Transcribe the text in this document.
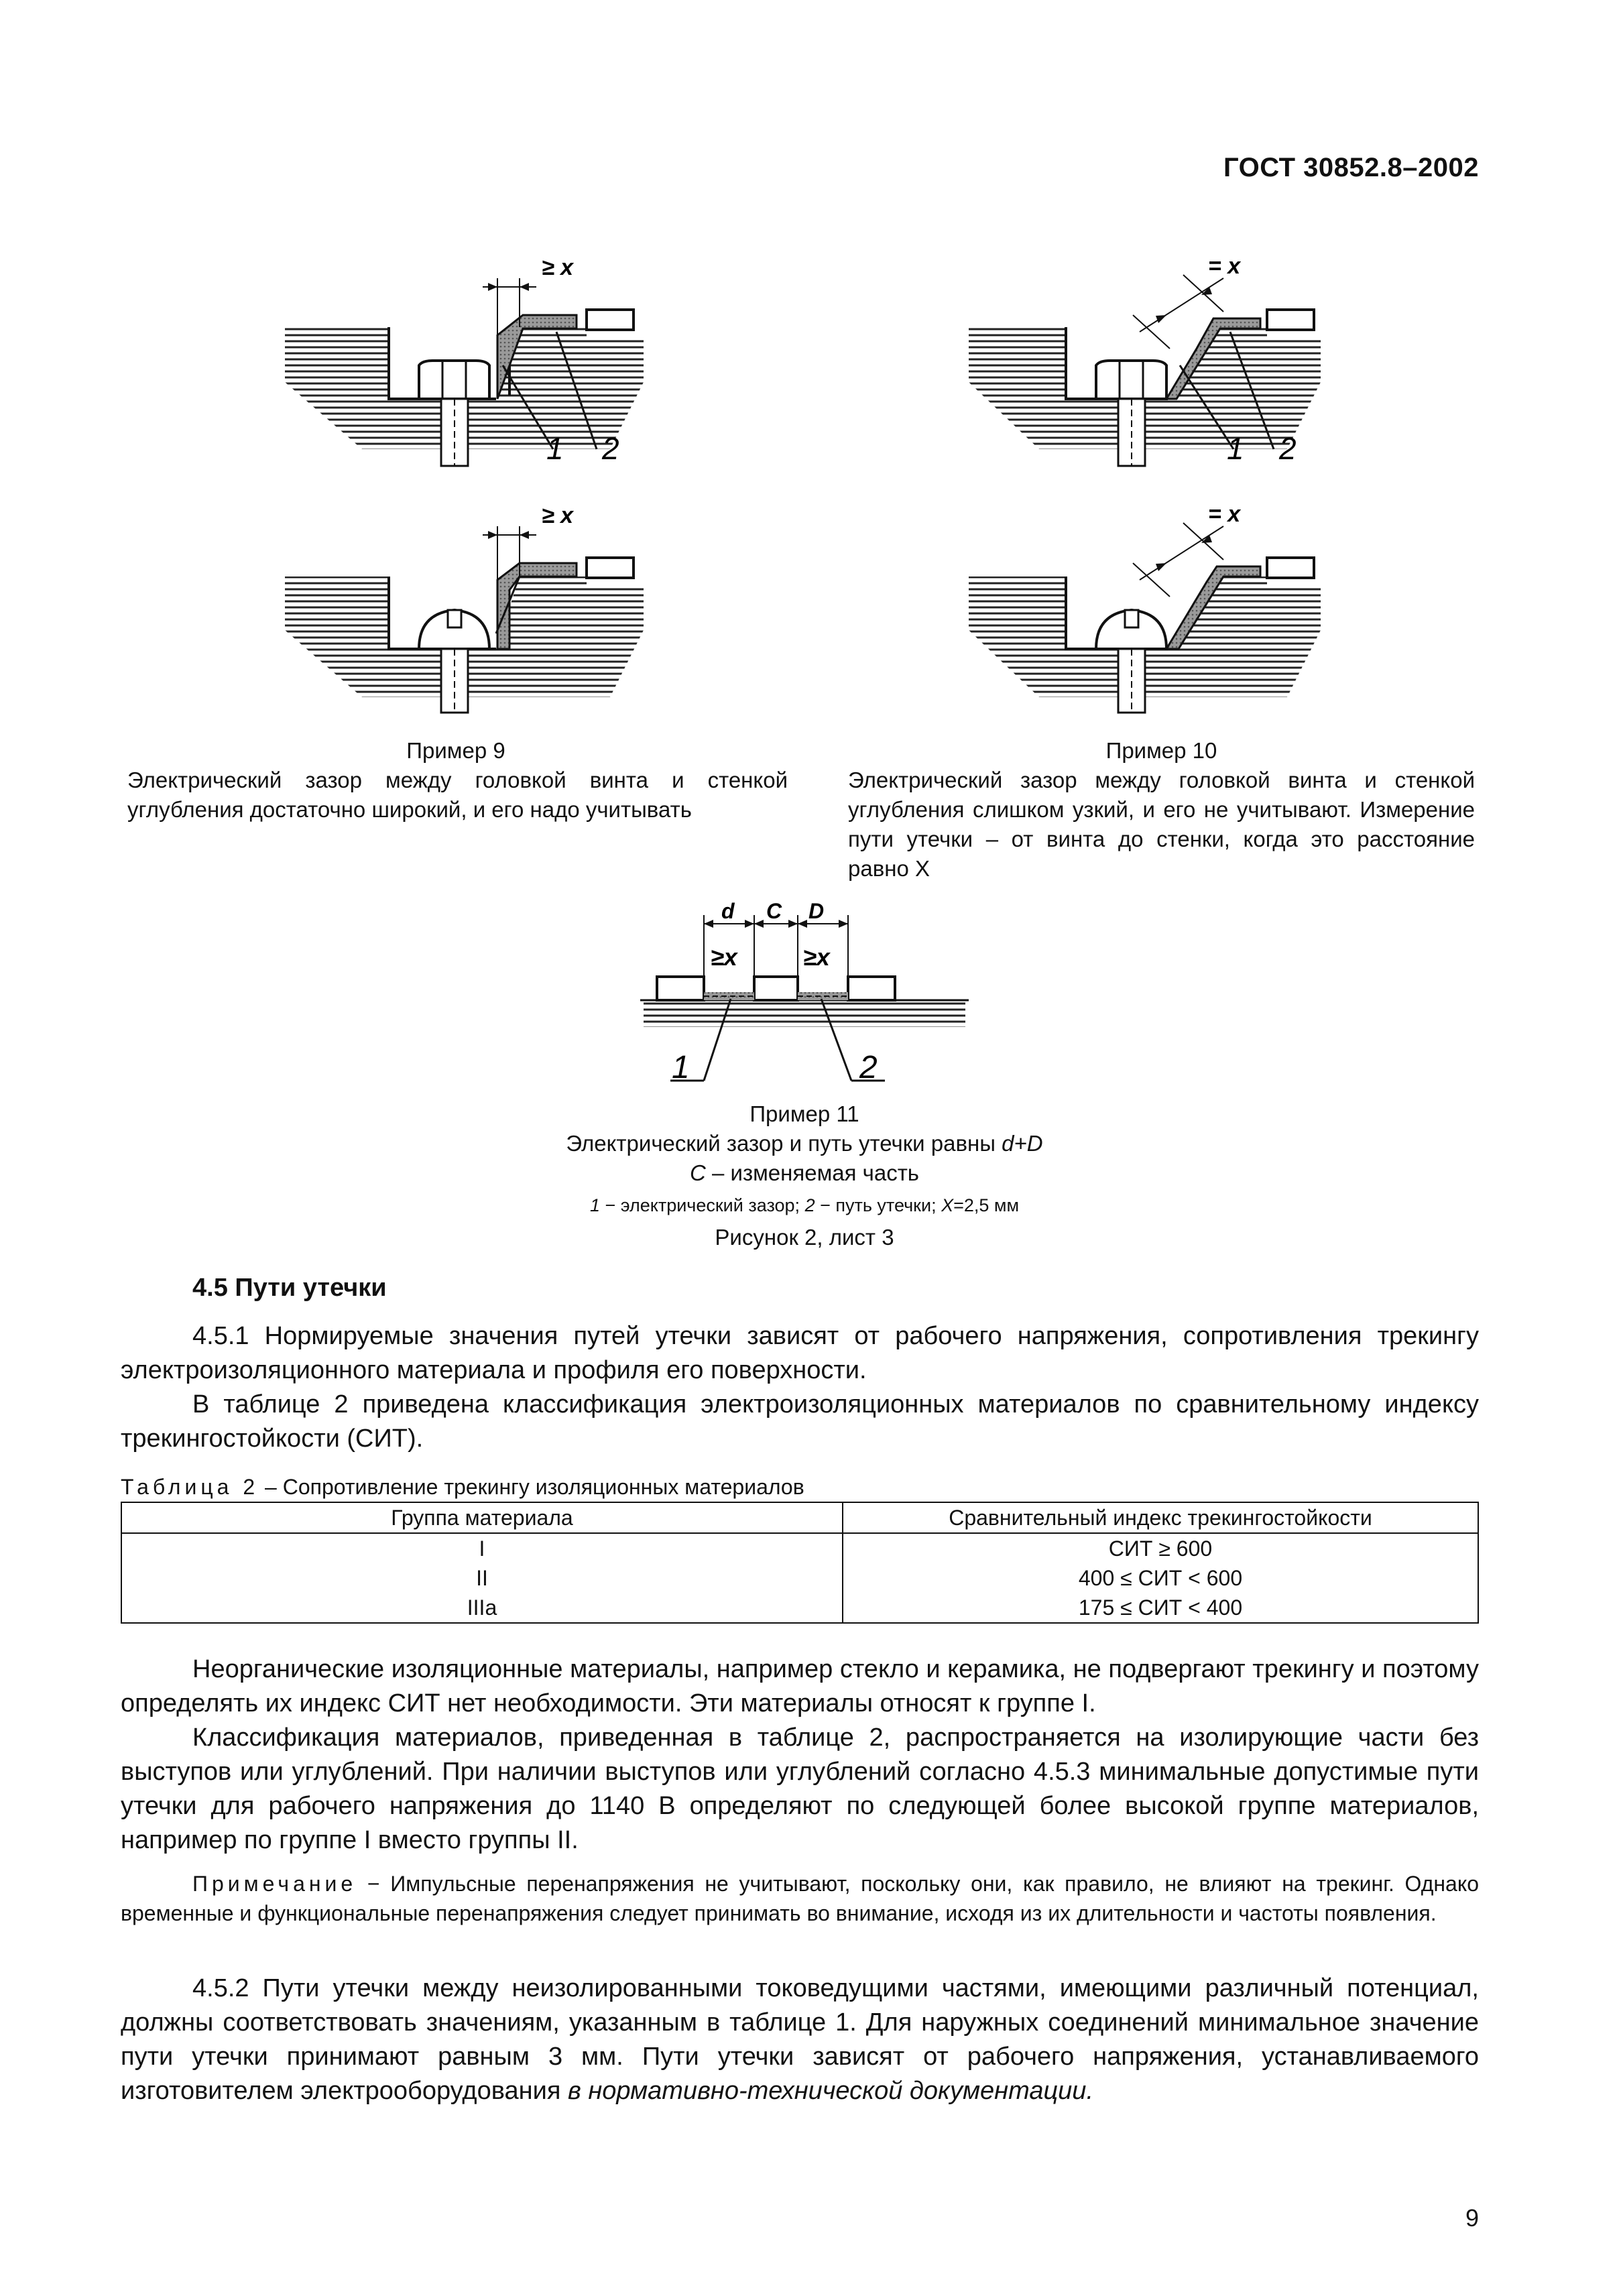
ГОСТ 30852.8–2002
≥ x
1 2
≥ x
= x
1 2
= x
Пример 9
Электрический зазор между головкой винта и стенкой углубления достаточно широкий, и его надо учитывать
Пример 10
Электрический зазор между головкой винта и стенкой углубления слишком узкий, и его не учитывают. Измерение пути утечки – от винта до стенки, когда это расстояние равно X
d C D
≥x	≥x
1	2
Пример 11
Электрический зазор и путь утечки равны d+D
C – изменяемая часть
1 − электрический зазор; 2 − путь утечки; X=2,5 мм
Рисунок 2, лист 3
4.5 Пути утечки

4.5.1 Нормируемые значения путей утечки зависят от рабочего напряжения, сопротивления трекингу электроизоляционного материала и профиля его поверхности.

В таблице 2 приведена классификация электроизоляционных материалов по сравнительному индексу трекингостойкости (СИТ).

Таблица 2 – Сопротивление трекингу изоляционных материалов
Группа материала	Сравнительный индекс трекингостойкости
I	СИТ ≥ 600
II	400 ≤ СИТ < 600
IIIa	175 ≤ СИТ < 400

Неорганические изоляционные материалы, например стекло и керамика, не подвергают трекингу и поэтому определять их индекс СИТ нет необходимости. Эти материалы относят к группе I.

Классификация материалов, приведенная в таблице 2, распространяется на изолирующие части без выступов или углублений. При наличии выступов или углублений согласно 4.5.3 минимальные допустимые пути утечки для рабочего напряжения до 1140 В определяют по следующей более высокой группе материалов, например по группе I вместо группы II.

Примечание − Импульсные перенапряжения не учитывают, поскольку они, как правило, не влияют на трекинг. Однако временные и функциональные перенапряжения следует принимать во внимание, исходя из их длительности и частоты появления.

4.5.2 Пути утечки между неизолированными токоведущими частями, имеющими различный потенциал, должны соответствовать значениям, указанным в таблице 1. Для наружных соединений минимальное значение пути утечки принимают равным 3 мм. Пути утечки зависят от рабочего напряжения, устанавливаемого изготовителем электрооборудования в нормативно-технической документации.

9
